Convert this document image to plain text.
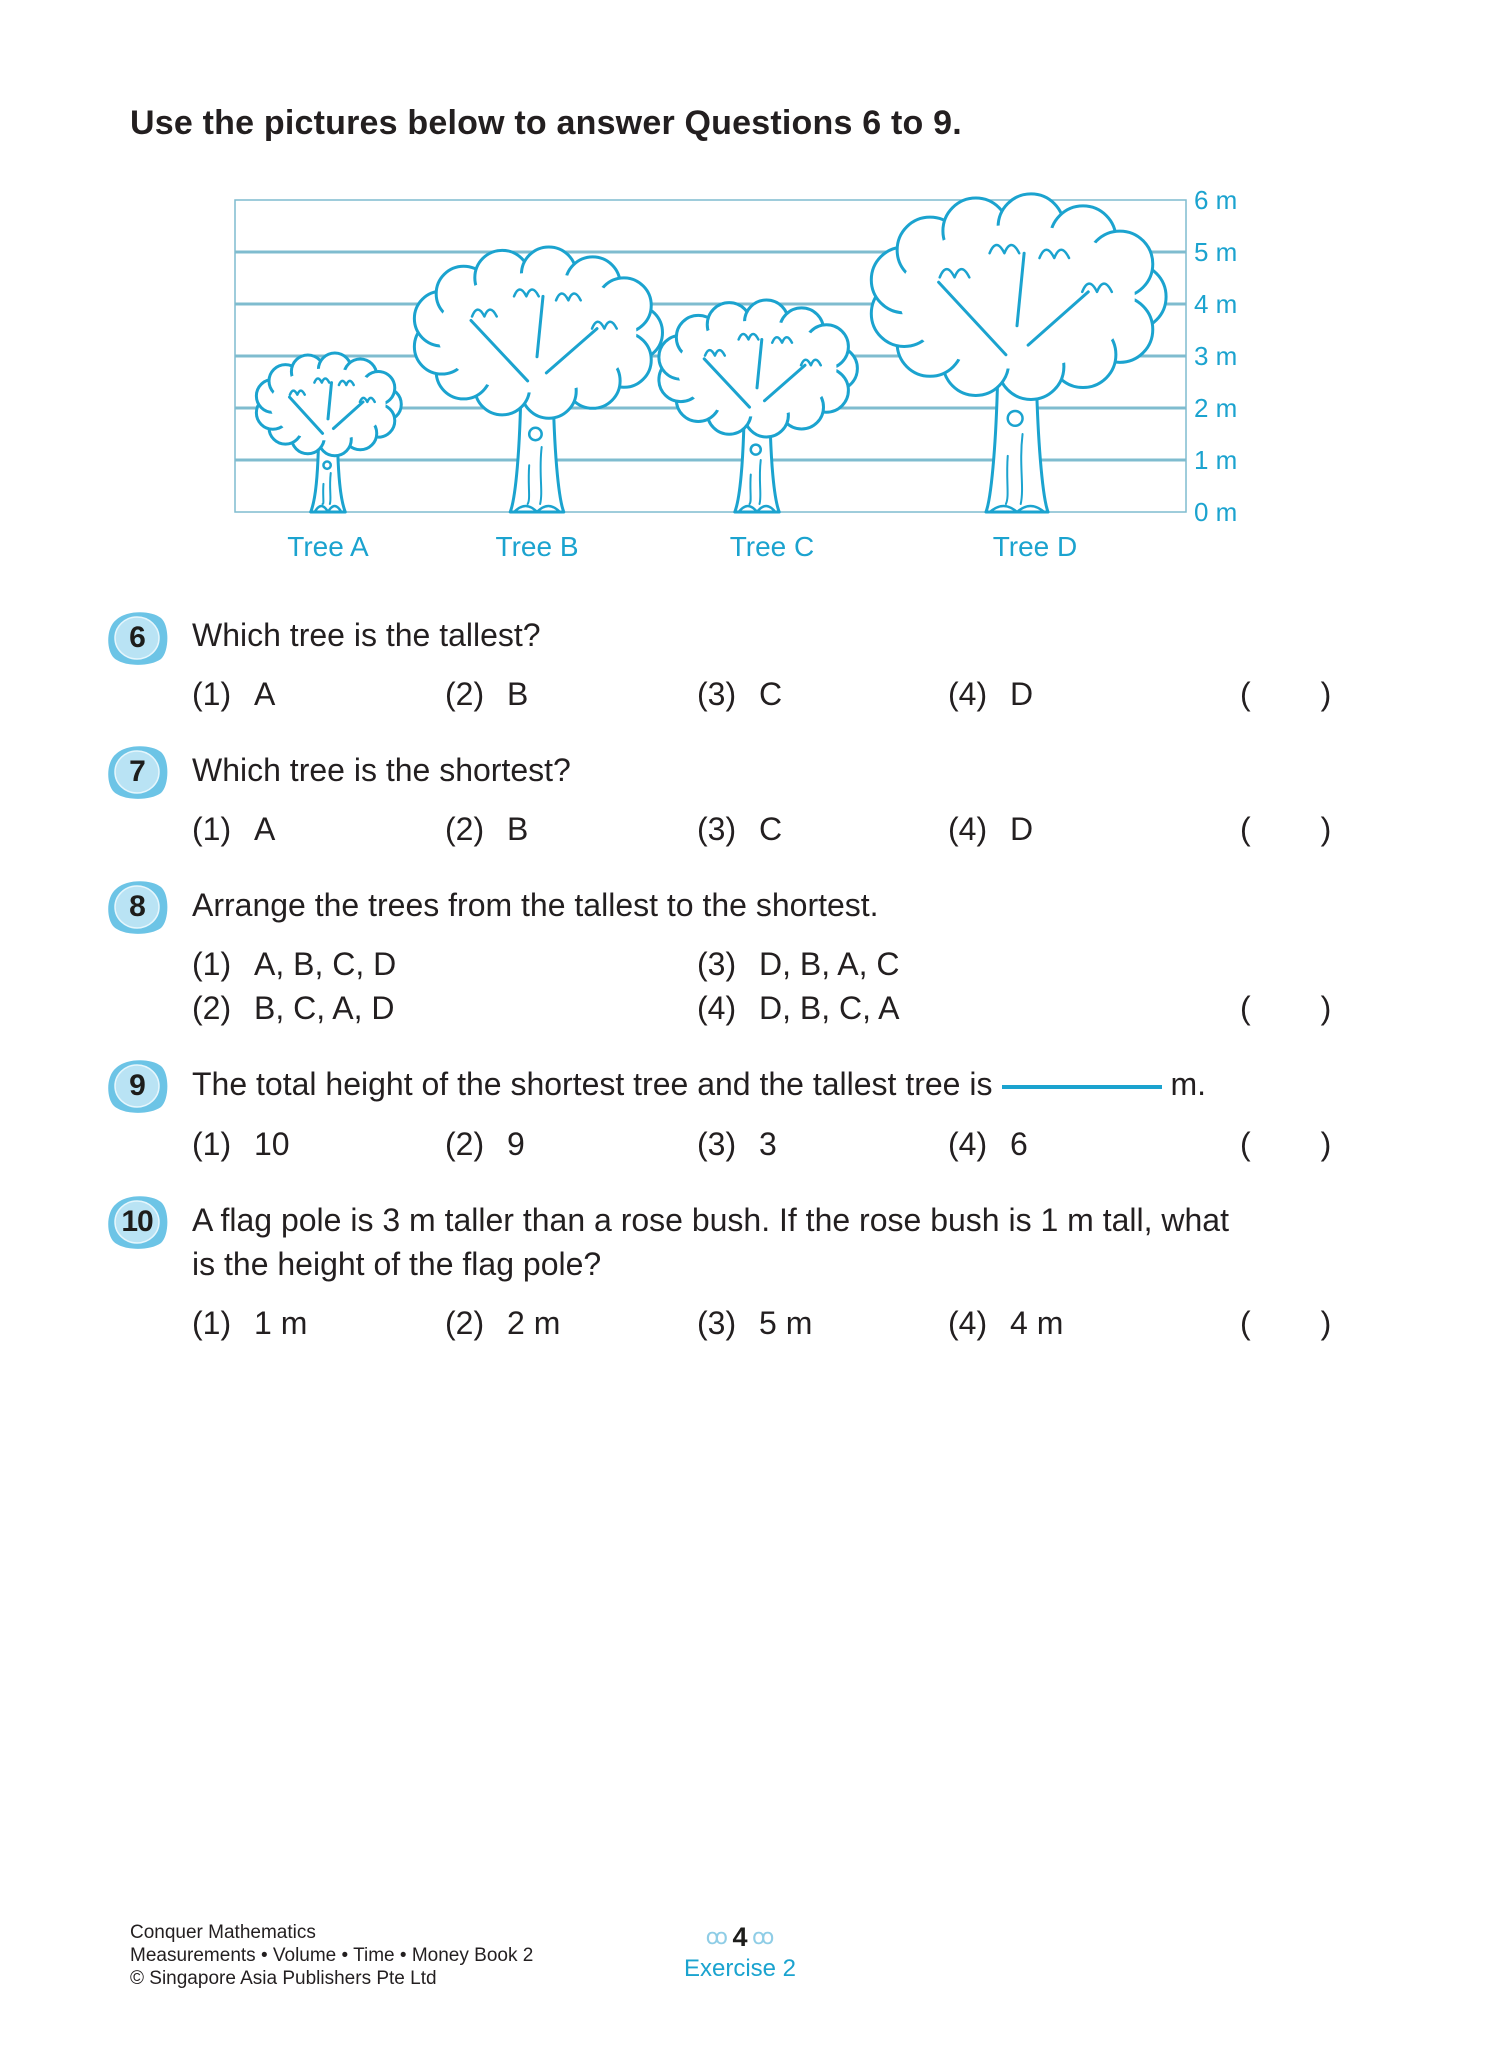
Use the pictures below to answer Questions 6 to 9.
0 m
1 m
2 m
3 m
4 m
5 m
6 m
Tree A	Tree B	Tree C	Tree D
6	Which tree is the tallest?
(1) A	(2) B	(3) C	(4) D	( )
7	Which tree is the shortest?
(1) A	(2) B	(3) C	(4) D	( )
8	Arrange the trees from the tallest to the shortest.
(1) A, B, C, D
(2) B, C, A, D
(3) D, B, A, C
(4) D, B, C, A	( )
9	The total height of the shortest tree and the tallest tree is	m.
(1) 10	(2) 9	(3) 3	(4) 6	( )
10	A flag pole is 3 m taller than a rose bush. If the rose bush is 1 m tall, what
is the height of the flag pole?
(1) 1 m	(2) 2 m	(3) 5 m	(4) 4 m	( )
Conquer Mathematics
Measurements • Volume • Time • Money Book 2
© Singapore Asia Publishers Pte Ltd
ꝏ 4 ꝏ
Exercise 2
